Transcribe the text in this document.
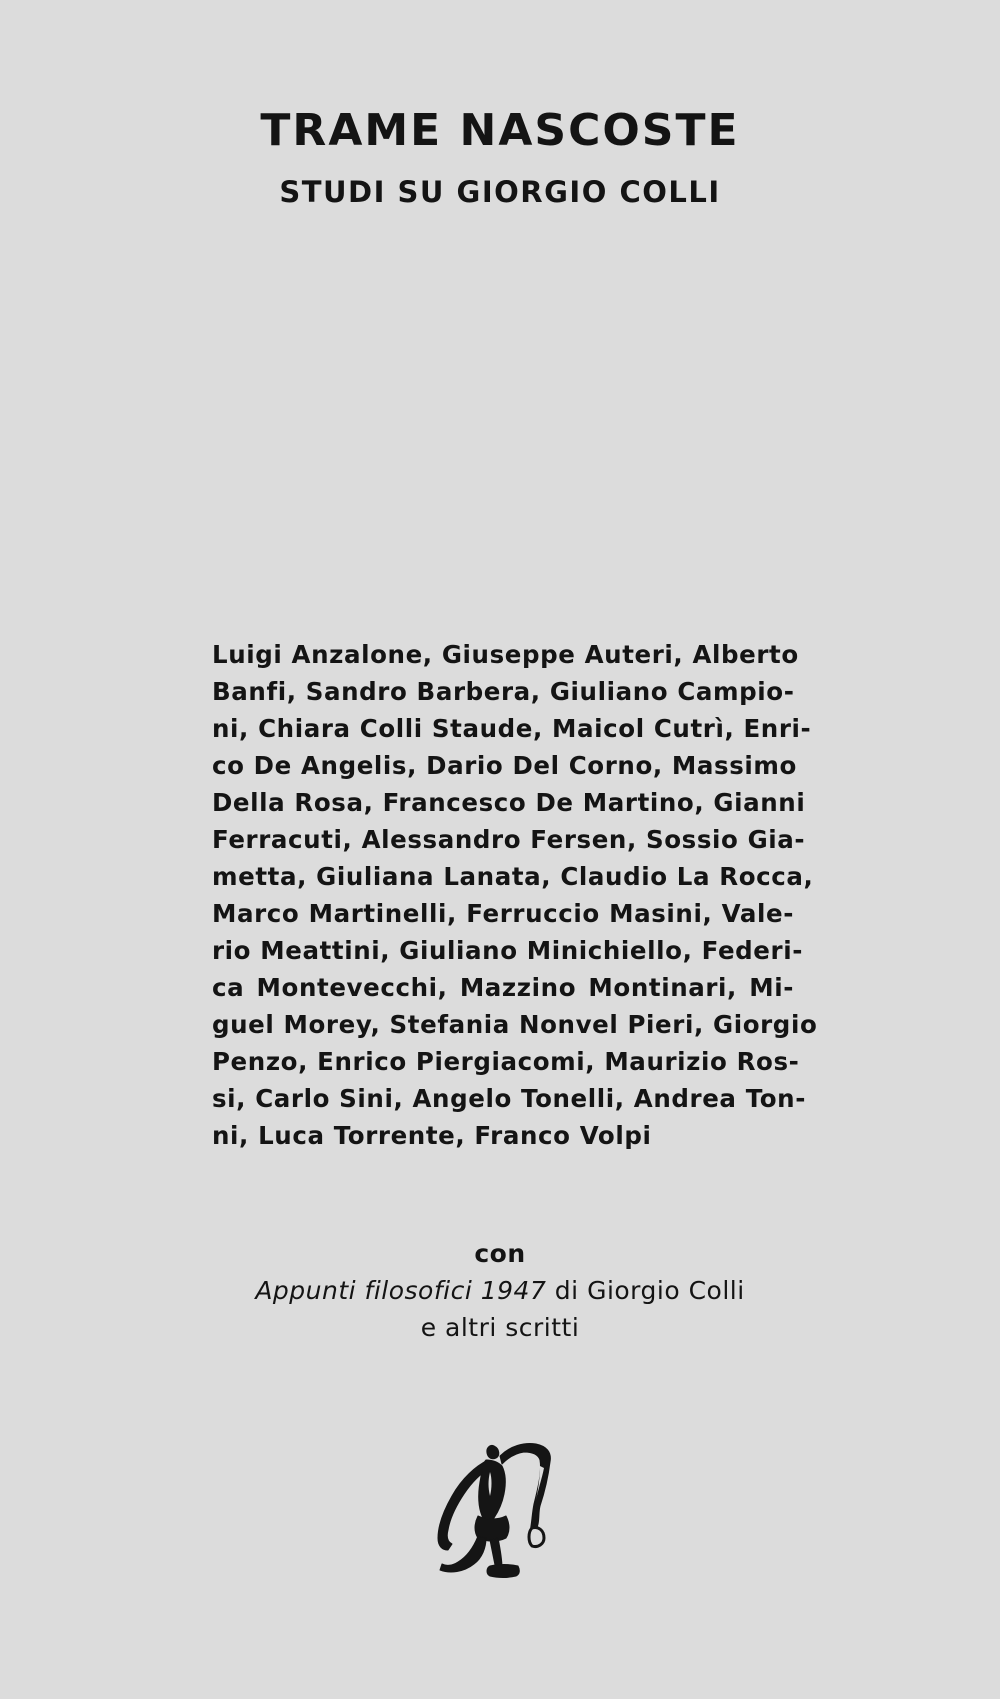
TRAME NASCOSTE
STUDI SU GIORGIO COLLI
Luigi Anzalone, Giuseppe Auteri, Alberto
Banfi, Sandro Barbera, Giuliano Campio-
ni, Chiara Colli Staude, Maicol Cutrì, Enri-
co De Angelis, Dario Del Corno, Massimo
Della Rosa, Francesco De Martino, Gianni
Ferracuti, Alessandro Fersen, Sossio Gia-
metta, Giuliana Lanata, Claudio La Rocca,
Marco Martinelli, Ferruccio Masini, Vale-
rio Meattini, Giuliano Minichiello, Federi-
ca Montevecchi, Mazzino Montinari, Mi-
guel Morey, Stefania Nonvel Pieri, Giorgio
Penzo, Enrico Piergiacomi, Maurizio Ros-
si, Carlo Sini, Angelo Tonelli, Andrea Ton-
ni, Luca Torrente, Franco Volpi
con
Appunti filosofici 1947 di Giorgio Colli
e altri scritti
